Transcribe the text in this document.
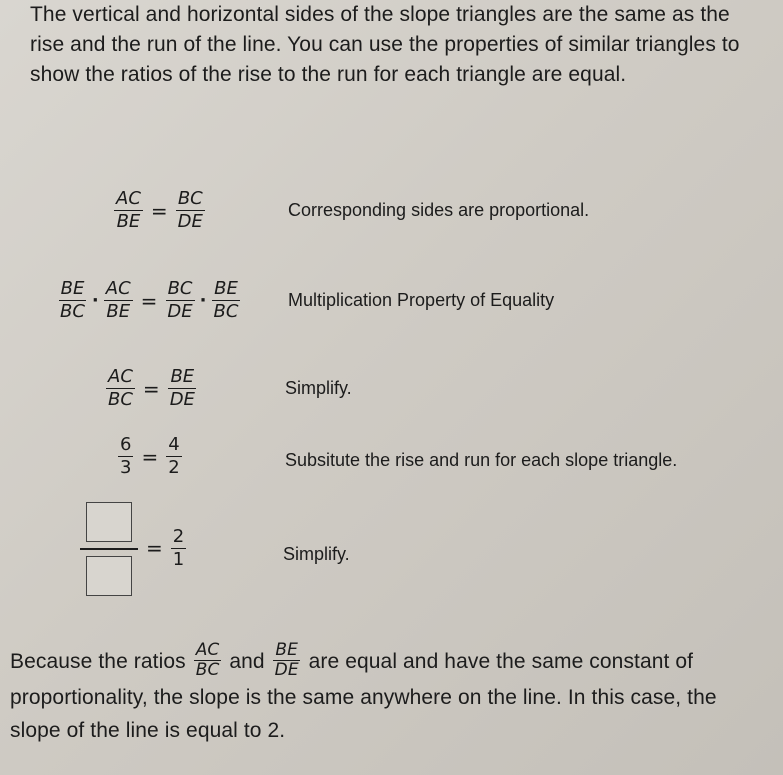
The vertical and horizontal sides of the slope triangles are the same as the rise and the run of the line. You can use the properties of similar triangles to show the ratios of the rise to the run for each triangle are equal.
$\frac{AC}{BE} = \frac{BC}{DE}$	Corresponding sides are proportional.
$\frac{BE}{BC} \cdot \frac{AC}{BE} = \frac{BC}{DE} \cdot \frac{BE}{BC}$	Multiplication Property of Equality
$\frac{AC}{BC} = \frac{BE}{DE}$	Simplify.
$\frac{6}{3} = \frac{4}{2}$	Subsitute the rise and run for each slope triangle.
= $\frac{2}{1}$	Simplify.
Because the ratios $\frac{AC}{BC}$ and $\frac{BE}{DE}$ are equal and have the same constant of proportionality, the slope is the same anywhere on the line. In this case, the slope of the line is equal to 2.
